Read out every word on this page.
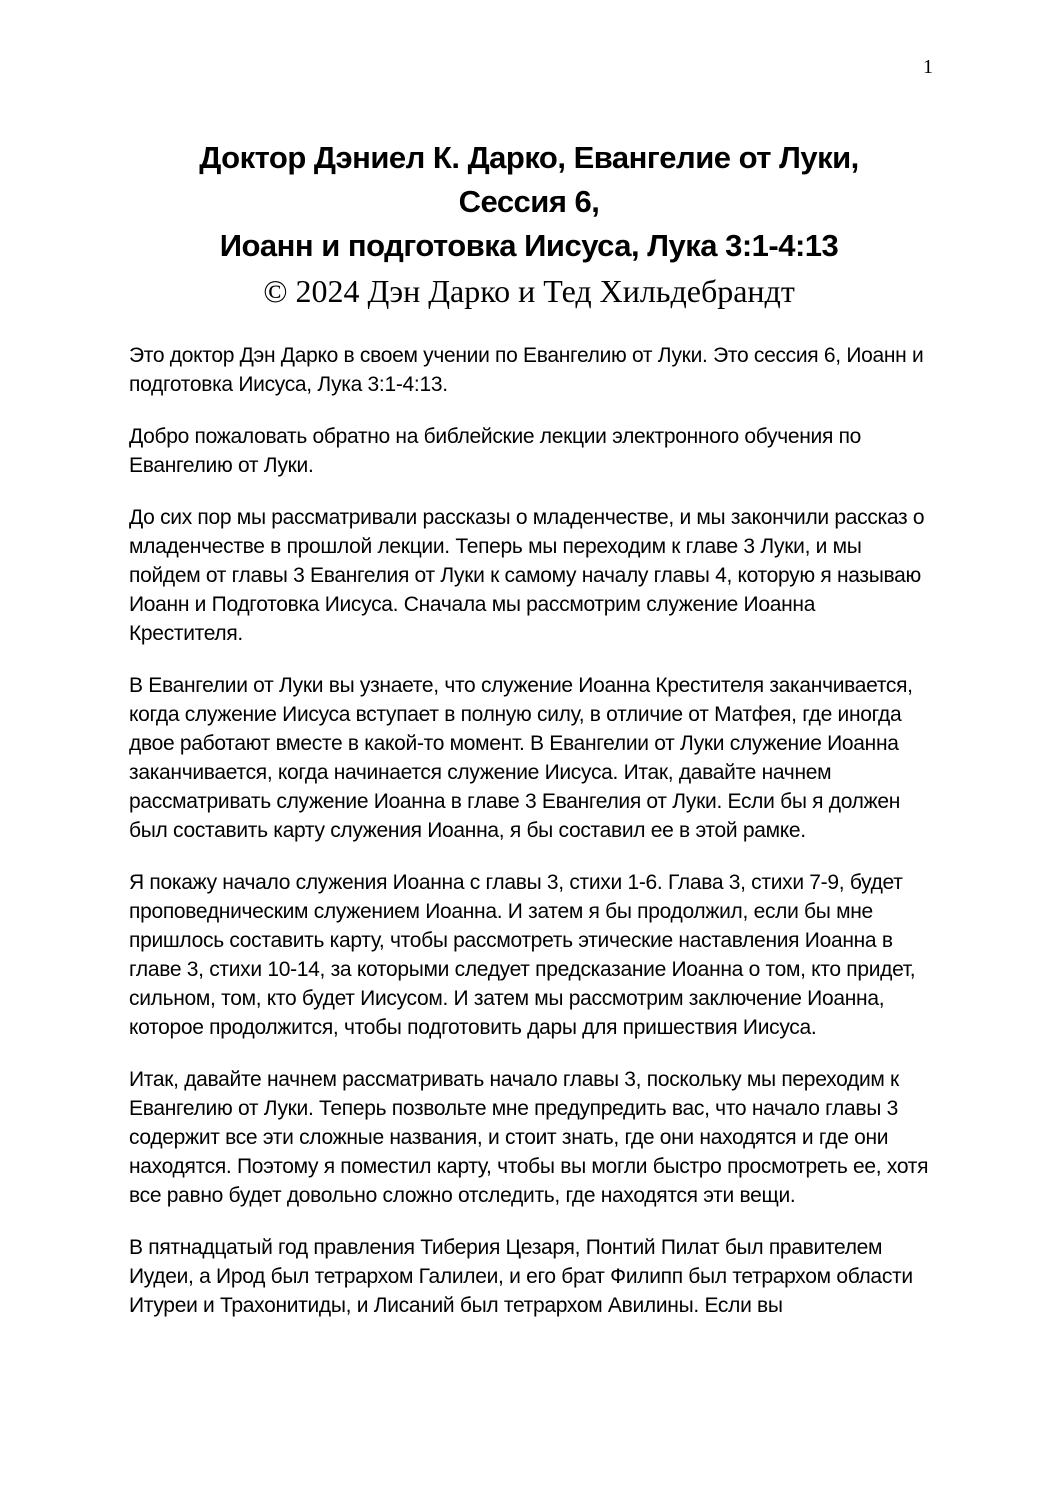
1
Доктор Дэниел К. Дарко, Евангелие от Луки,
Сессия 6,
Иоанн и подготовка Иисуса, Лука 3:1-4:13
© 2024 Дэн Дарко и Тед Хильдебрандт

Это доктор Дэн Дарко в своем учении по Евангелию от Луки. Это сессия 6, Иоанн и подготовка Иисуса, Лука 3:1-4:13.

Добро пожаловать обратно на библейские лекции электронного обучения по Евангелию от Луки.

До сих пор мы рассматривали рассказы о младенчестве, и мы закончили рассказ о младенчестве в прошлой лекции. Теперь мы переходим к главе 3 Луки, и мы пойдем от главы 3 Евангелия от Луки к самому началу главы 4, которую я называю Иоанн и Подготовка Иисуса. Сначала мы рассмотрим служение Иоанна Крестителя.

В Евангелии от Луки вы узнаете, что служение Иоанна Крестителя заканчивается, когда служение Иисуса вступает в полную силу, в отличие от Матфея, где иногда двое работают вместе в какой-то момент. В Евангелии от Луки служение Иоанна заканчивается, когда начинается служение Иисуса. Итак, давайте начнем рассматривать служение Иоанна в главе 3 Евангелия от Луки. Если бы я должен был составить карту служения Иоанна, я бы составил ее в этой рамке.

Я покажу начало служения Иоанна с главы 3, стихи 1-6. Глава 3, стихи 7-9, будет проповедническим служением Иоанна. И затем я бы продолжил, если бы мне пришлось составить карту, чтобы рассмотреть этические наставления Иоанна в главе 3, стихи 10-14, за которыми следует предсказание Иоанна о том, кто придет, сильном, том, кто будет Иисусом. И затем мы рассмотрим заключение Иоанна, которое продолжится, чтобы подготовить дары для пришествия Иисуса.

Итак, давайте начнем рассматривать начало главы 3, поскольку мы переходим к Евангелию от Луки. Теперь позвольте мне предупредить вас, что начало главы 3 содержит все эти сложные названия, и стоит знать, где они находятся и где они находятся. Поэтому я поместил карту, чтобы вы могли быстро просмотреть ее, хотя все равно будет довольно сложно отследить, где находятся эти вещи.

В пятнадцатый год правления Тиберия Цезаря, Понтий Пилат был правителем Иудеи, а Ирод был тетрархом Галилеи, и его брат Филипп был тетрархом области Итуреи и Трахонитиды, и Лисаний был тетрархом Авилины. Если вы
